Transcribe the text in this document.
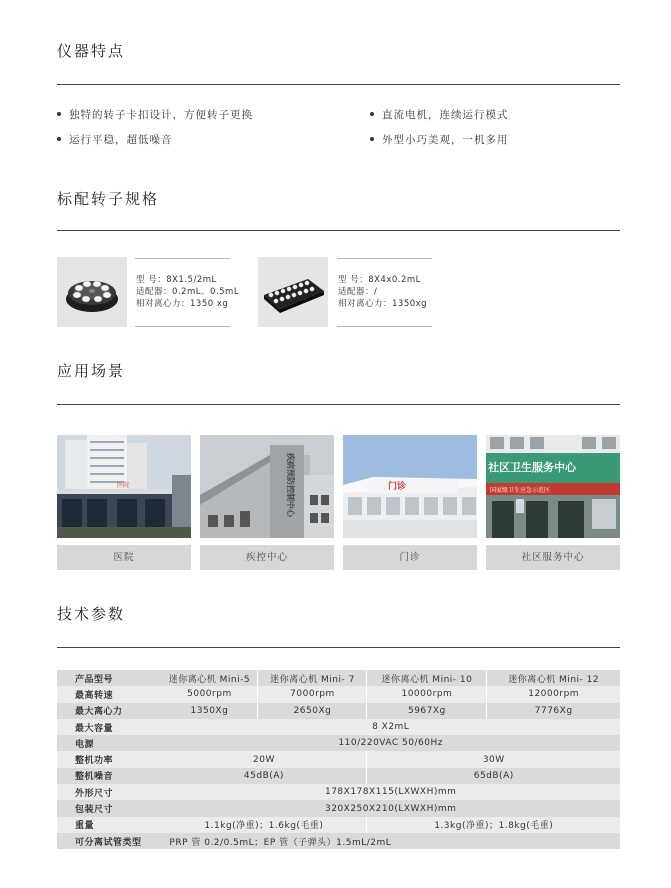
仪器特点
独特的转子卡扣设计，方便转子更换	直流电机，连续运行模式
运行平稳，超低噪音	外型小巧美观，一机多用
标配转子规格
型 号：8X1.5/2mL
适配器：0.2mL、0.5mL
相对离心力：1350 xg
型 号：8X4x0.2mL
适配器：/
相对离心力：1350xg
应用场景
医院
医院
疾病预防控制中心
疾控中心
门诊
门诊
社区卫生服务中心
国家级卫生应急示范区
社区服务中心
技术参数
产品型号	迷你离心机 Mini-5	迷你离心机 Mini- 7	迷你离心机 Mini- 10	迷你离心机 Mini- 12
最高转速	5000rpm	7000rpm	10000rpm	12000rpm
最大离心力	1350Xg	2650Xg	5967Xg	7776Xg
最大容量	8 X2mL			
电源	110/220VAC 50/60Hz			
整机功率	20W		30W	
整机噪音	45dB(A)		65dB(A)	
外形尺寸	178X178X115(LXWXH)mm			
包装尺寸	320X250X210(LXWXH)mm			
重量	1.1kg(净重)；1.6kg(毛重)		1.3kg(净重)；1.8kg(毛重)	
可分离试管类型	PRP 管 0.2/0.5mL；EP 管（子弹头）1.5mL/2mL			
